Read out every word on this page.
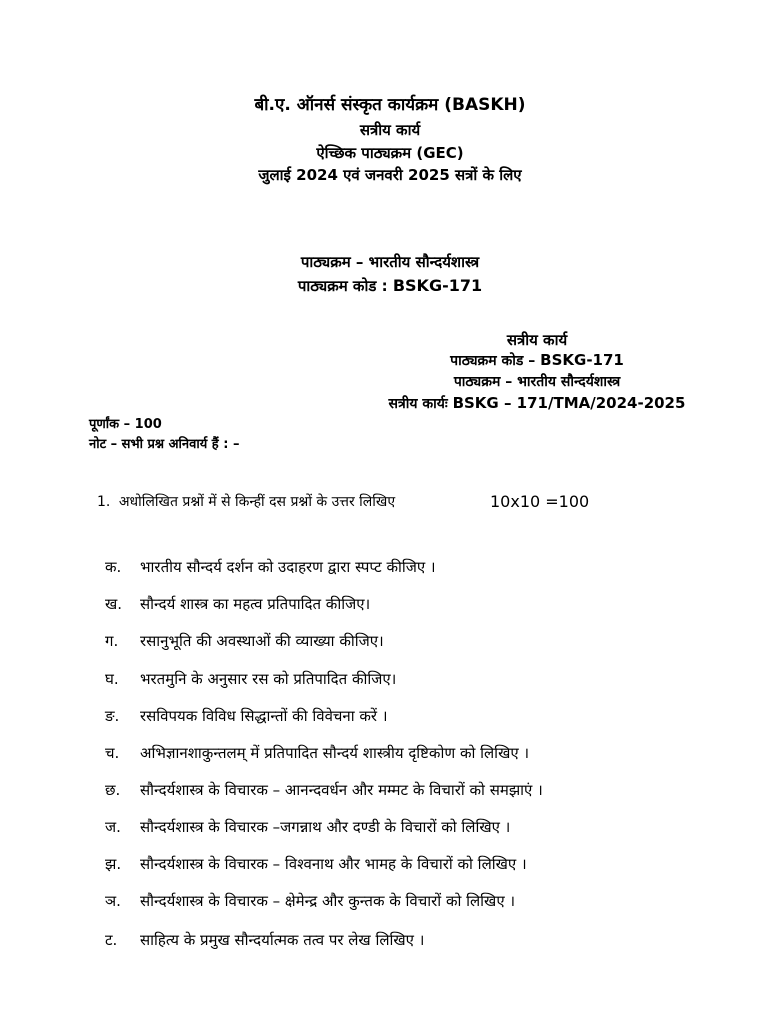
बी.ए. ऑनर्स संस्कृत कार्यक्रम (BASKH)
सत्रीय कार्य
ऐच्छिक पाठ्यक्रम (GEC)
जुलाई 2024 एवं जनवरी 2025 सत्रों के लिए
पाठ्यक्रम – भारतीय सौन्दर्यशास्त्र
पाठ्यक्रम कोड : BSKG-171
सत्रीय कार्य
पाठ्यक्रम कोड – BSKG-171
पाठ्यक्रम – भारतीय सौन्दर्यशास्त्र
सत्रीय कार्यः BSKG – 171/TMA/2024-2025
पूर्णांक – 100
नोट – सभी प्रश्न अनिवार्य हैं : –
1. अधोलिखित प्रश्नों में से किन्हीं दस प्रश्नों के उत्तर लिखिए	10x10 =100
क. भारतीय सौन्दर्य दर्शन को उदाहरण द्वारा स्पप्ट कीजिए ।
ख. सौन्दर्य शास्त्र का महत्व प्रतिपादित कीजिए।
ग. रसानुभूति की अवस्थाओं की व्याख्या कीजिए।
घ. भरतमुनि के अनुसार रस को प्रतिपादित कीजिए।
ङ. रसविपयक विविध सिद्धान्तों की विवेचना करें ।
च. अभिज्ञानशाकुन्तलम् में प्रतिपादित सौन्दर्य शास्त्रीय दृष्टिकोण को लिखिए ।
छ. सौन्दर्यशास्त्र के विचारक – आनन्दवर्धन और मम्मट के विचारों को समझाएं ।
ज. सौन्दर्यशास्त्र के विचारक –जगन्नाथ और दण्डी के विचारों को लिखिए ।
झ. सौन्दर्यशास्त्र के विचारक – विश्वनाथ और भामह के विचारों को लिखिए ।
ञ. सौन्दर्यशास्त्र के विचारक – क्षेमेन्द्र और कुन्तक के विचारों को लिखिए ।
ट. साहित्य के प्रमुख सौन्दर्यात्मक तत्व पर लेख लिखिए ।
